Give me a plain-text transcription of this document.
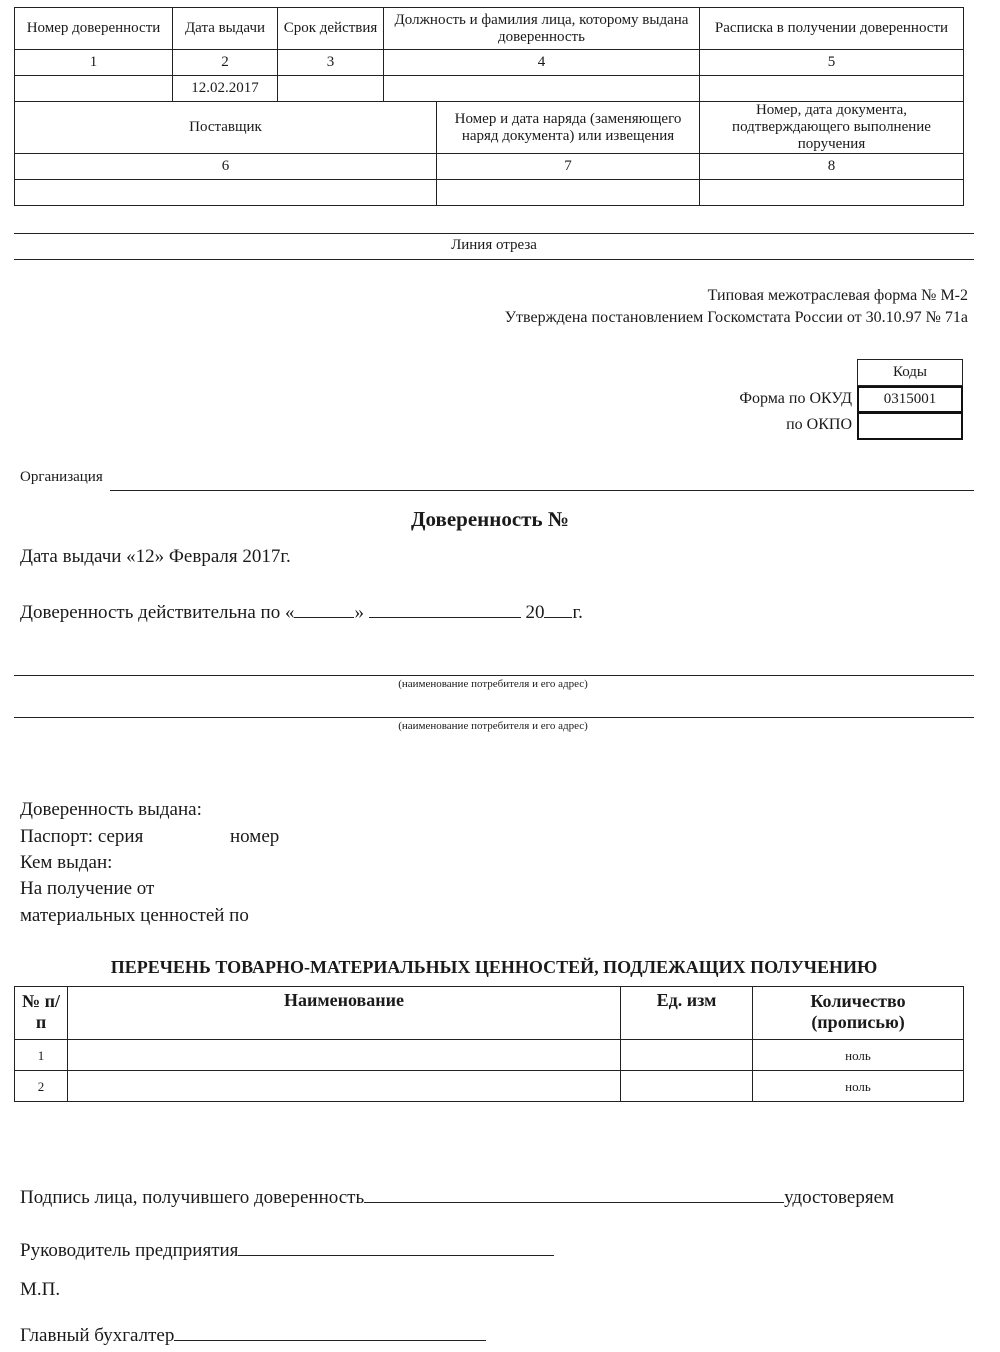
Номер доверенности	Дата выдачи	Срок действия	Должность и фамилия лица, которому выдана доверенность	Расписка в получении доверенности
1	2	3	4	5
	12.02.2017			
Поставщик	Номер и дата наряда (заменяющего наряд документа) или извещения	Номер, дата документа, подтверждающего выполнение поручения
6	7	8

Линия отреза
Типовая межотраслевая форма № М-2
Утверждена постановлением Госкомстата России от 30.10.97 № 71а
Коды
Форма по ОКУД	0315001
по ОКПО
Организация
Доверенность №
Дата выдачи «12» Февраля 2017г.
Доверенность действительна по «	»	20 г.
(наименование потребителя и его адрес)
(наименование потребителя и его адрес)
Доверенность выдана:
Паспорт: серия	номер
Кем выдан:
На получение от
материальных ценностей по
ПЕРЕЧЕНЬ ТОВАРНО-МАТЕРИАЛЬНЫХ ЦЕННОСТЕЙ, ПОДЛЕЖАЩИХ ПОЛУЧЕНИЮ
№ п/п	Наименование	Ед. изм	Количество (прописью)
1			ноль
2			ноль
Подпись лица, получившего доверенность	удостоверяем
Руководитель предприятия
М.П.
Главный бухгалтер
